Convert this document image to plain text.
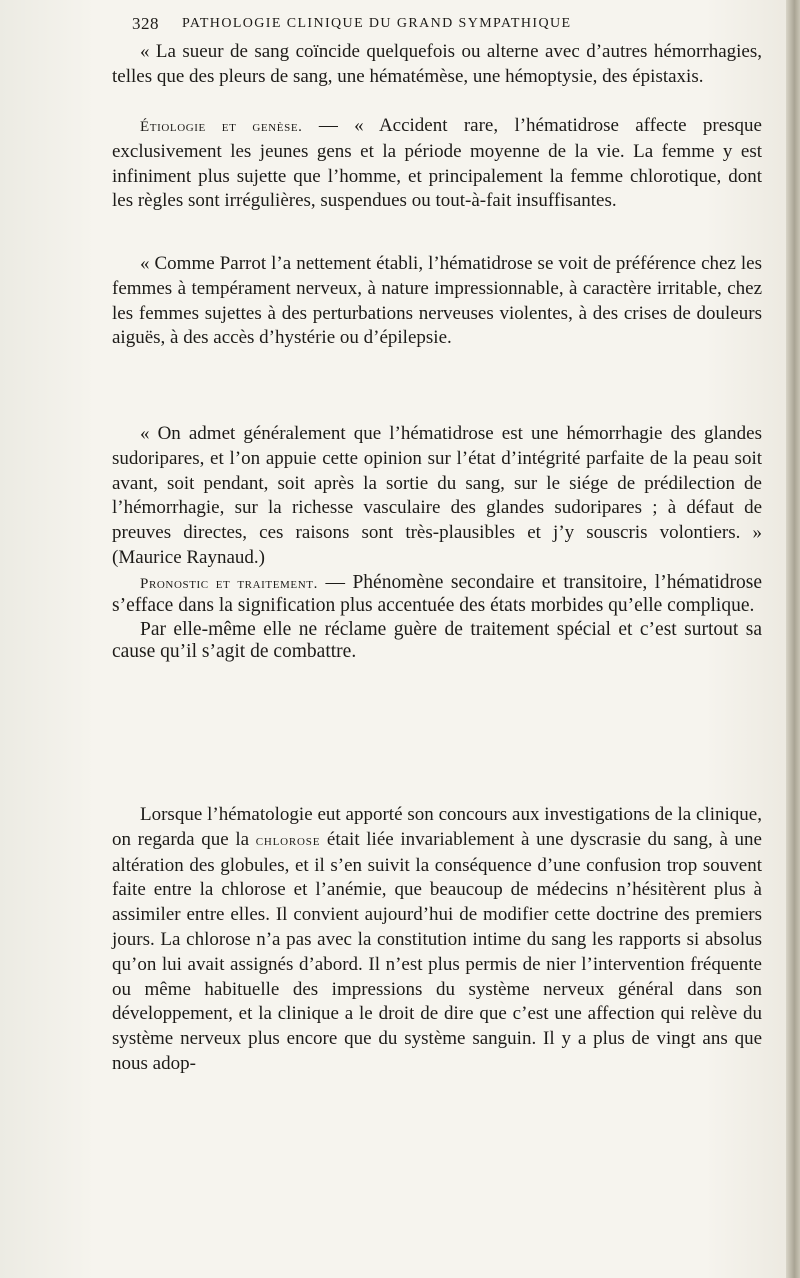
328 PATHOLOGIE CLINIQUE DU GRAND SYMPATHIQUE

« La sueur de sang coïncide quelquefois ou alterne avec d’autres hémorrhagies, telles que des pleurs de sang, une hématémèse, une hémoptysie, des épistaxis.

Étiologie et genèse. — « Accident rare, l’hématidrose affecte presque exclusivement les jeunes gens et la période moyenne de la vie. La femme y est infiniment plus sujette que l’homme, et principalement la femme chlorotique, dont les règles sont irrégulières, suspendues ou tout-à-fait insuffisantes.

« Comme Parrot l’a nettement établi, l’hématidrose se voit de préférence chez les femmes à tempérament nerveux, à nature impressionnable, à caractère irritable, chez les femmes sujettes à des perturbations nerveuses violentes, à des crises de douleurs aiguës, à des accès d’hystérie ou d’épilepsie.

« On admet généralement que l’hématidrose est une hémorrhagie des glandes sudoripares, et l’on appuie cette opinion sur l’état d’intégrité parfaite de la peau soit avant, soit pendant, soit après la sortie du sang, sur le siége de prédilection de l’hémorrhagie, sur la richesse vasculaire des glandes sudoripares ; à défaut de preuves directes, ces raisons sont très-plausibles et j’y souscris volontiers. » (Maurice Raynaud.)

Pronostic et traitement. — Phénomène secondaire et transitoire, l’hématidrose s’efface dans la signification plus accentuée des états morbides qu’elle complique.

Par elle-même elle ne réclame guère de traitement spécial et c’est surtout sa cause qu’il s’agit de combattre.

Lorsque l’hématologie eut apporté son concours aux investigations de la clinique, on regarda que la chlorose était liée invariablement à une dyscrasie du sang, à une altération des globules, et il s’en suivit la conséquence d’une confusion trop souvent faite entre la chlorose et l’anémie, que beaucoup de médecins n’hésitèrent plus à assimiler entre elles. Il convient aujourd’hui de modifier cette doctrine des premiers jours. La chlorose n’a pas avec la constitution intime du sang les rapports si absolus qu’on lui avait assignés d’abord. Il n’est plus permis de nier l’intervention fréquente ou même habituelle des impressions du système nerveux général dans son développement, et la clinique a le droit de dire que c’est une affection qui relève du système nerveux plus encore que du système sanguin. Il y a plus de vingt ans que nous adop-
